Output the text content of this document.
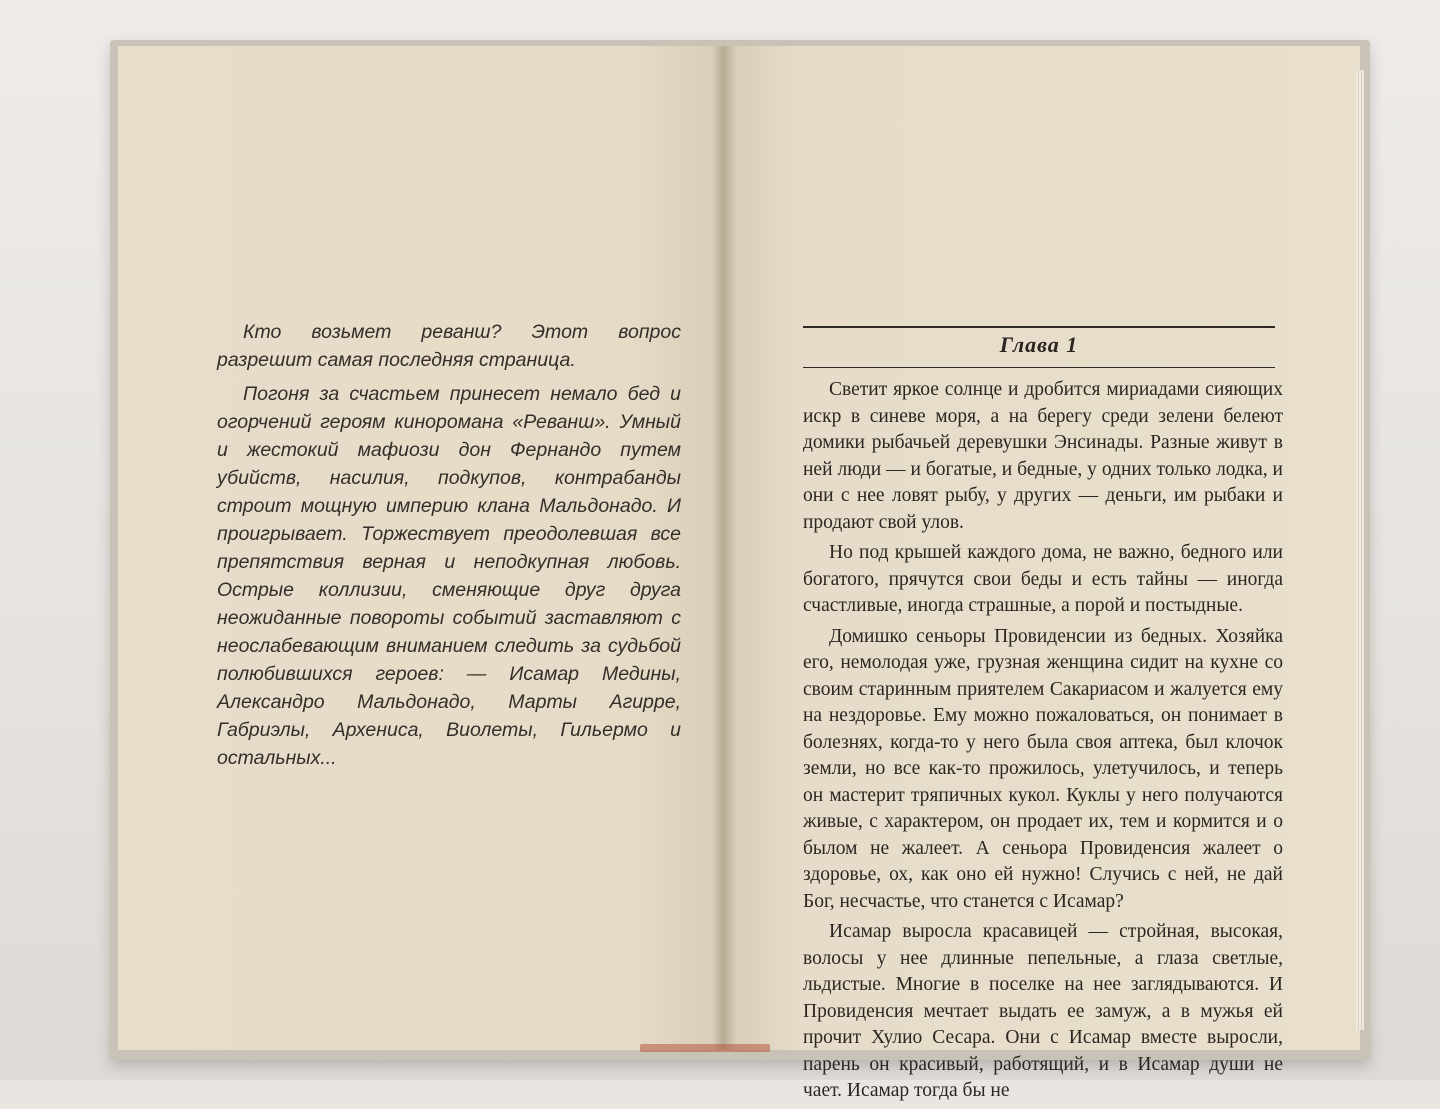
Кто возьмет реванш? Этот вопрос разрешит самая последняя страница.

Погоня за счастьем принесет немало бед и огорчений героям кинoромана «Реванш». Умный и жестокий мафиози дон Фернандо путем убийств, насилия, подкупов, контрабанды строит мощную империю клана Мальдонадо. И проигрывает. Торжествует преодолевшая все препятствия верная и неподкупная любовь. Острые коллизии, сменяющие друг друга неожиданные повороты событий заставляют с неослабевающим вниманием следить за судьбой полюбившихся героев: — Исамар Медины, Александро Мальдонадо, Марты Агирре, Габриэлы, Архениса, Виолеты, Гильермо и остальных...

Глава 1

Светит яркое солнце и дробится мириадами сияющих искр в синеве моря, а на берегу среди зелени белеют домики рыбачьей деревушки Энсинады. Разные живут в ней люди — и богатые, и бедные, у одних только лодка, и они с нее ловят рыбу, у других — деньги, им рыбаки и продают свой улов.

Но под крышей каждого дома, не важно, бедного или богатого, прячутся свои беды и есть тайны — иногда счастливые, иногда страшные, а порой и постыдные.

Домишко сеньоры Провиденсии из бедных. Хозяйка его, немолодая уже, грузная женщина сидит на кухне со своим старинным приятелем Сакариасом и жалуется ему на нездоровье. Ему можно пожаловаться, он понимает в болезнях, когда-то у него была своя аптека, был клочок земли, но все как-то прожилось, улетучилось, и теперь он мастерит тряпичных кукол. Куклы у него получаются живые, с характером, он продает их, тем и кормится и о былом не жалеет. А сеньора Провиденсия жалеет о здоровье, ох, как оно ей нужно! Случись с ней, не дай Бог, несчастье, что станется с Исамар?

Исамар выросла красавицей — стройная, высокая, волосы у нее длинные пепельные, а глаза светлые, льдистые. Многие в поселке на нее заглядываются. И Провиденсия мечтает выдать ее замуж, а в мужья ей прочит Хулио Сесара. Они с Исамар вместе выросли, парень он красивый, работящий, и в Исамар души не чает. Исамар тогда бы не
